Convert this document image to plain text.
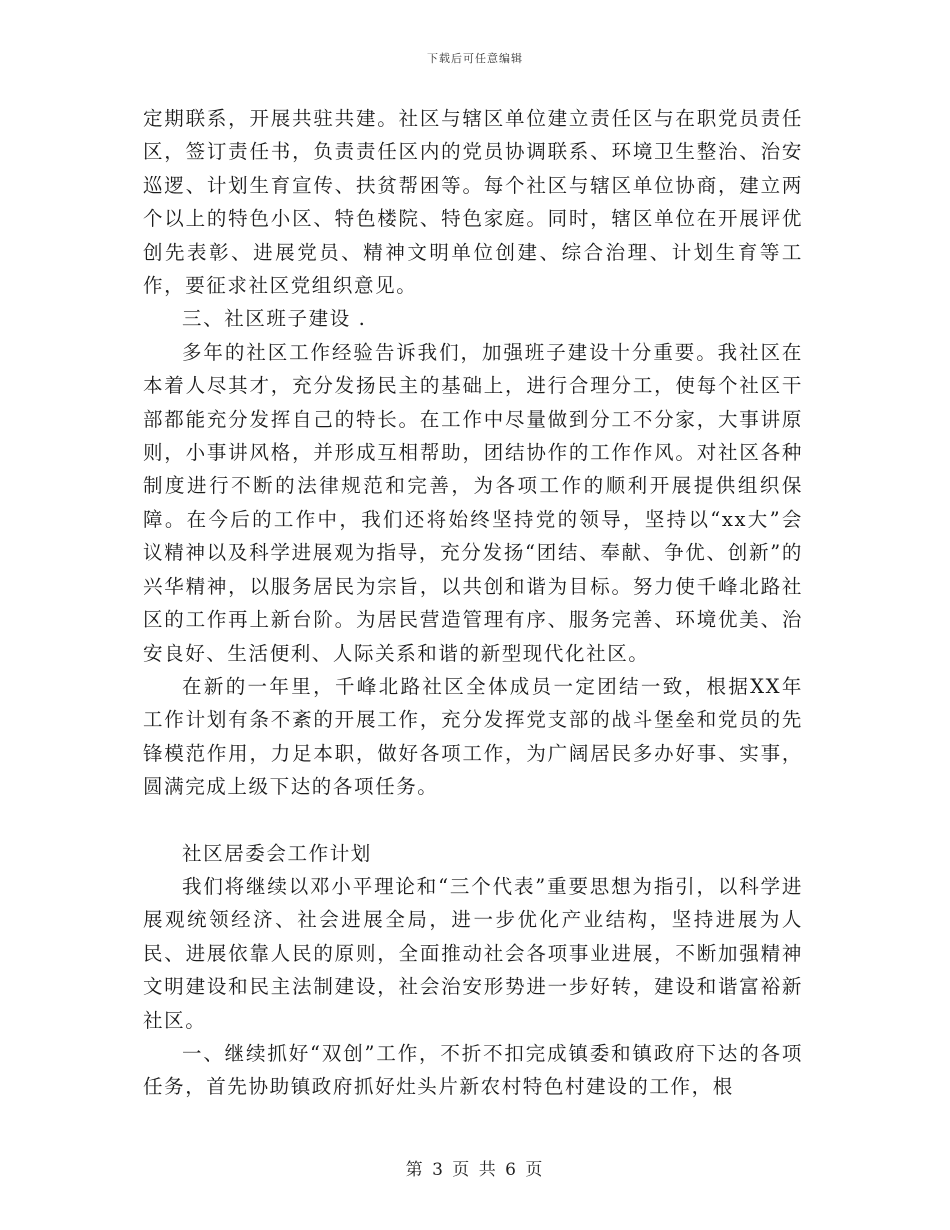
下载后可任意编辑

定期联系，开展共驻共建。社区与辖区单位建立责任区与在职党员责任区，签订责任书，负责责任区内的党员协调联系、环境卫生整治、治安巡逻、计划生育宣传、扶贫帮困等。每个社区与辖区单位协商，建立两个以上的特色小区、特色楼院、特色家庭。同时，辖区单位在开展评优创先表彰、进展党员、精神文明单位创建、综合治理、计划生育等工作，要征求社区党组织意见。

三、社区班子建设 .

多年的社区工作经验告诉我们，加强班子建设十分重要。我社区在本着人尽其才，充分发扬民主的基础上，进行合理分工，使每个社区干部都能充分发挥自己的特长。在工作中尽量做到分工不分家，大事讲原则，小事讲风格，并形成互相帮助，团结协作的工作作风。对社区各种制度进行不断的法律规范和完善，为各项工作的顺利开展提供组织保障。在今后的工作中，我们还将始终坚持党的领导，坚持以“xx大”会议精神以及科学进展观为指导，充分发扬“团结、奉献、争优、创新”的兴华精神，以服务居民为宗旨，以共创和谐为目标。努力使千峰北路社区的工作再上新台阶。为居民营造管理有序、服务完善、环境优美、治安良好、生活便利、人际关系和谐的新型现代化社区。

在新的一年里，千峰北路社区全体成员一定团结一致，根据XX年工作计划有条不紊的开展工作，充分发挥党支部的战斗堡垒和党员的先锋模范作用，力足本职，做好各项工作，为广阔居民多办好事、实事，圆满完成上级下达的各项任务。

社区居委会工作计划

我们将继续以邓小平理论和“三个代表”重要思想为指引，以科学进展观统领经济、社会进展全局，进一步优化产业结构，坚持进展为人民、进展依靠人民的原则，全面推动社会各项事业进展，不断加强精神文明建设和民主法制建设，社会治安形势进一步好转，建设和谐富裕新社区。

一、继续抓好“双创”工作，不折不扣完成镇委和镇政府下达的各项任务，首先协助镇政府抓好灶头片新农村特色村建设的工作，根

第 3 页 共 6 页
